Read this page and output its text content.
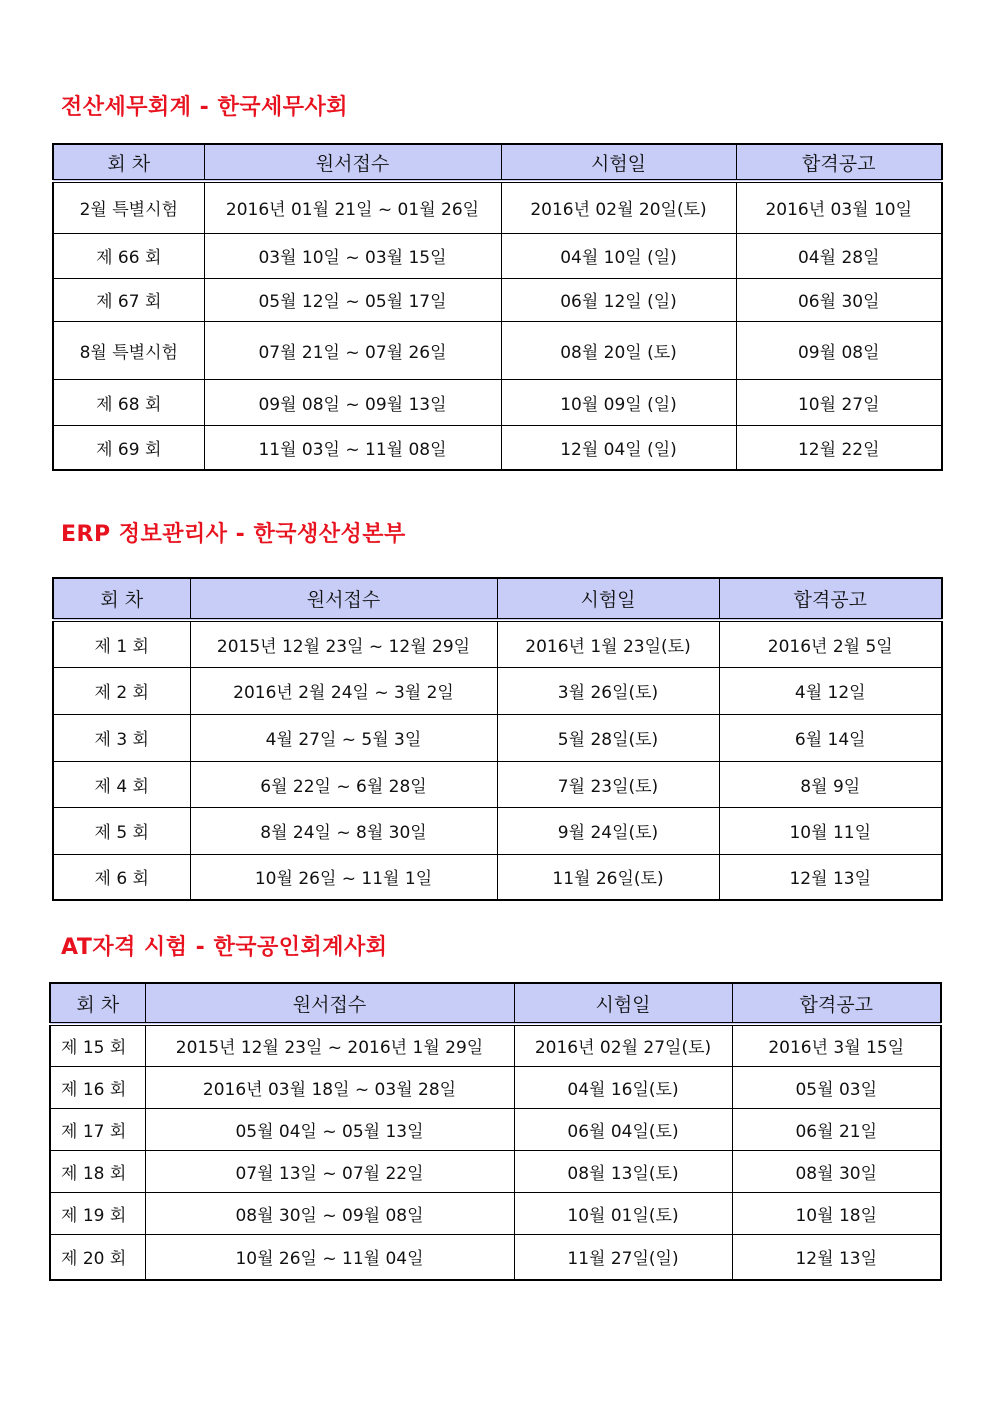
전산세무회계 - 한국세무사회
회 차	원서접수	시험일	합격공고
2월 특별시험	2016년 01월 21일 ~ 01월 26일	2016년 02월 20일(토)	2016년 03월 10일
제 66 회	03월 10일 ~ 03월 15일	04월 10일 (일)	04월 28일
제 67 회	05월 12일 ~ 05월 17일	06월 12일 (일)	06월 30일
8월 특별시험	07월 21일 ~ 07월 26일	08월 20일 (토)	09월 08일
제 68 회	09월 08일 ~ 09월 13일	10월 09일 (일)	10월 27일
제 69 회	11월 03일 ~ 11월 08일	12월 04일 (일)	12월 22일
ERP 정보관리사 - 한국생산성본부
회 차	원서접수	시험일	합격공고
제 1 회	2015년 12월 23일 ~ 12월 29일	2016년 1월 23일(토)	2016년 2월 5일
제 2 회	2016년 2월 24일 ~ 3월 2일	3월 26일(토)	4월 12일
제 3 회	4월 27일 ~ 5월 3일	5월 28일(토)	6월 14일
제 4 회	6월 22일 ~ 6월 28일	7월 23일(토)	8월 9일
제 5 회	8월 24일 ~ 8월 30일	9월 24일(토)	10월 11일
제 6 회	10월 26일 ~ 11월 1일	11월 26일(토)	12월 13일
AT자격 시험 - 한국공인회계사회
회 차	원서접수	시험일	합격공고
제 15 회	2015년 12월 23일 ~ 2016년 1월 29일	2016년 02월 27일(토)	2016년 3월 15일
제 16 회	2016년 03월 18일 ~ 03월 28일	04월 16일(토)	05월 03일
제 17 회	05월 04일 ~ 05월 13일	06월 04일(토)	06월 21일
제 18 회	07월 13일 ~ 07월 22일	08월 13일(토)	08월 30일
제 19 회	08월 30일 ~ 09월 08일	10월 01일(토)	10월 18일
제 20 회	10월 26일 ~ 11월 04일	11월 27일(일)	12월 13일
